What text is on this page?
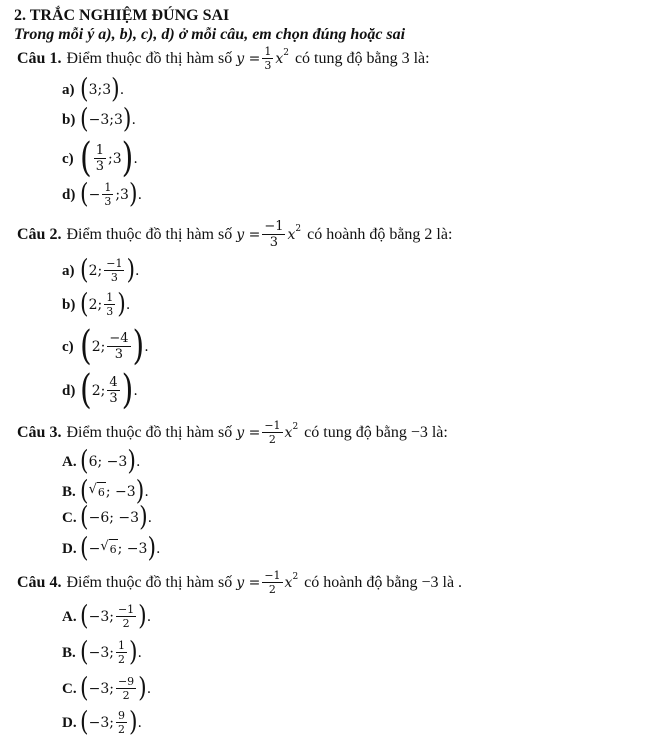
2. TRẮC NGHIỆM ĐÚNG SAI
Trong mỗi ý a), b), c), d) ở mỗi câu, em chọn đúng hoặc sai
Câu 1. Điểm thuộc đồ thị hàm số $y = \frac{1}{3}$ x 2 có tung độ bằng 3 là:
a) ( 3 ; 3 ) .
b) ( −3 ; 3 ) .
c) ( $\frac{1}{3}$ ; 3 ) .
d) ( − $\frac{1}{3}$ ; 3 ) .
Câu 2. Điểm thuộc đồ thị hàm số $y = \frac{-1}{3}$ x 2 có hoành độ bằng 2 là:
a) ( 2 ; $\frac{-1}{3}$ ) .
b) ( 2 ; $\frac{1}{3}$ ) .
c) ( 2 ; $\frac{-4}{3}$ ) .
d) ( 2 ; $\frac{4}{3}$ ) .
Câu 3. Điểm thuộc đồ thị hàm số $y = \frac{-1}{2}$ x 2 có tung độ bằng −3 là:
A. ( 6 ; − 3 ) .
B. ( √ 6 ; − 3 ) .
C. ( −6 ; − 3 ) .
D. ( − √ 6 ; − 3 ) .
Câu 4. Điểm thuộc đồ thị hàm số $y = \frac{-1}{2}$ x 2 có hoành độ bằng −3 là .
A. ( −3 ; $\frac{-1}{2}$ ) .
B. ( −3 ; $\frac{1}{2}$ ) .
C. ( −3 ; $\frac{-9}{2}$ ) .
D. ( −3 ; $\frac{9}{2}$ ) .
